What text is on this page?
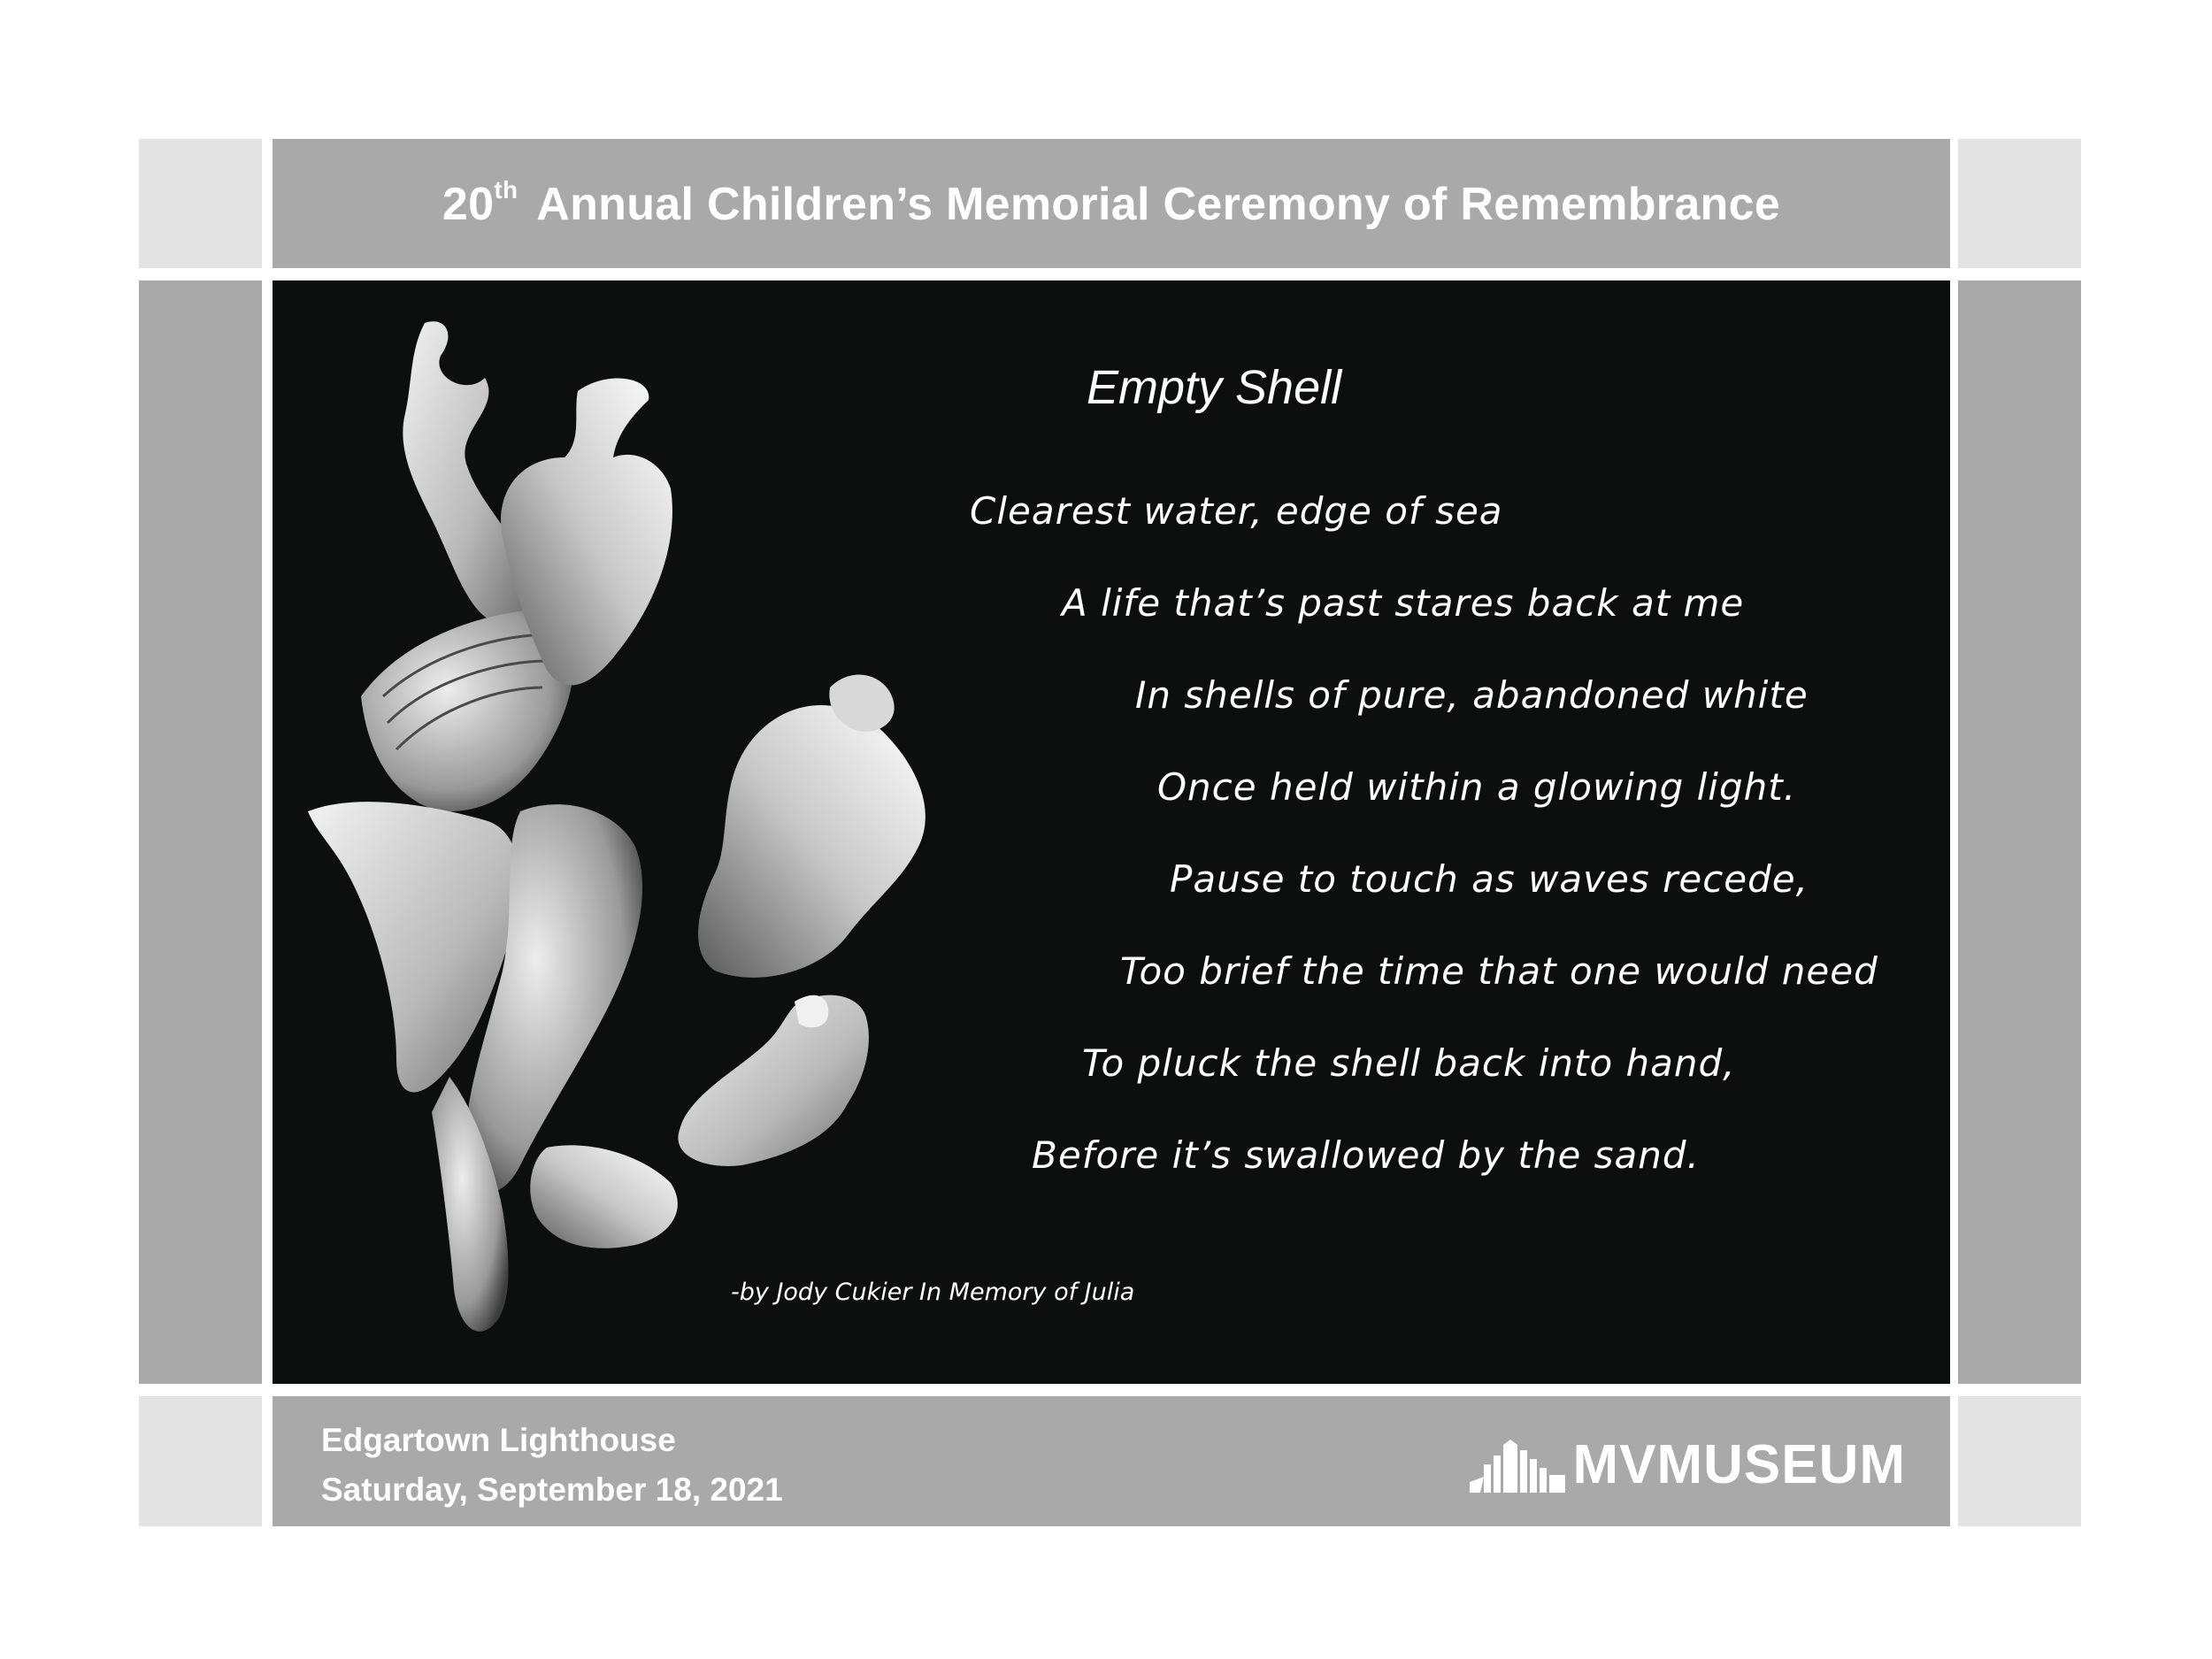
20th Annual Children’s Memorial Ceremony of Remembrance
Empty Shell
Clearest water, edge of sea
A life that’s past stares back at me
In shells of pure, abandoned white
Once held within a glowing light.
Pause to touch as waves recede,
Too brief the time that one would need
To pluck the shell back into hand,
Before it’s swallowed by the sand.
-by Jody Cukier In Memory of Julia
Edgartown Lighthouse
Saturday, September 18, 2021	MVMUSEUM
